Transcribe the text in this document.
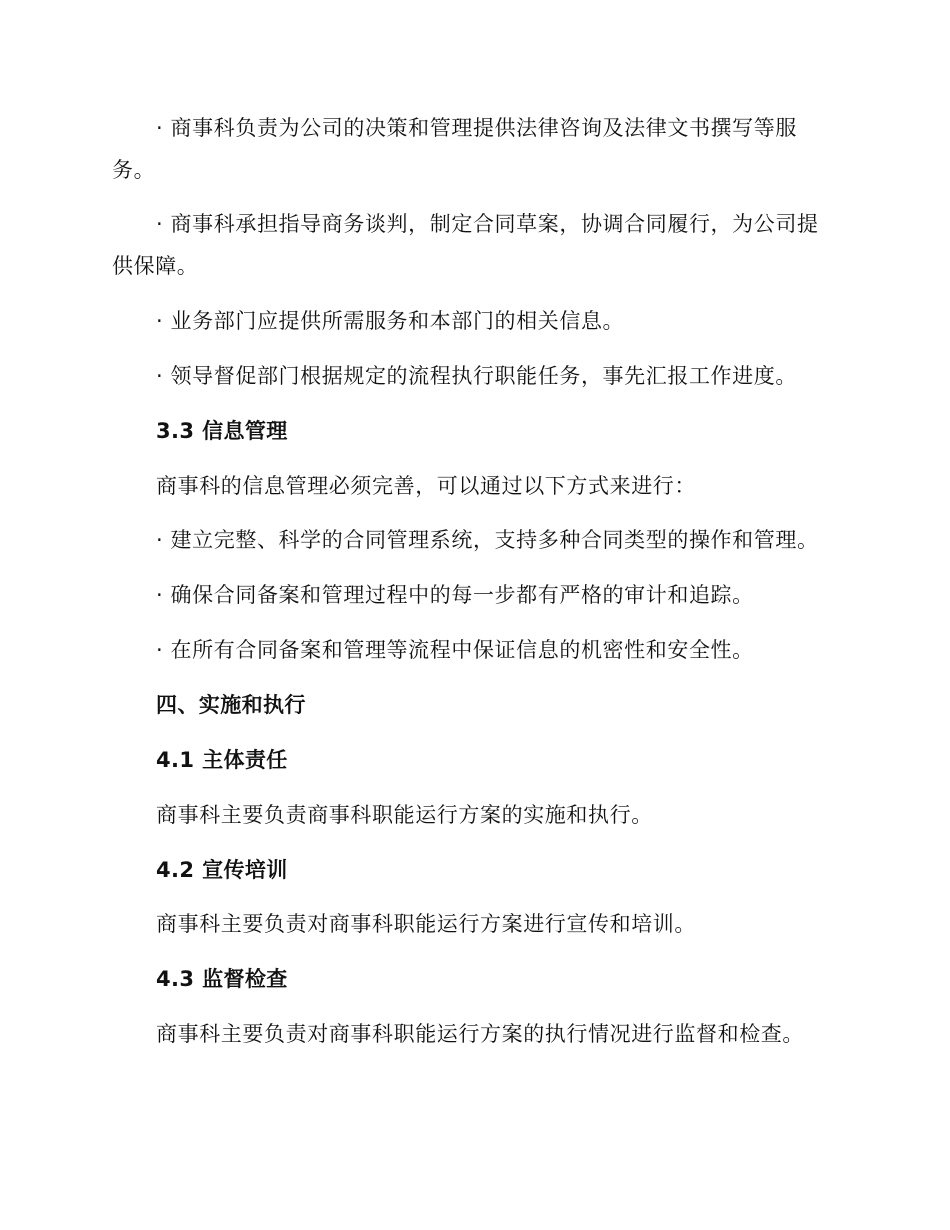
· 商事科负责为公司的决策和管理提供法律咨询及法律文书撰写等服
务。
· 商事科承担指导商务谈判，制定合同草案，协调合同履行，为公司提
供保障。
· 业务部门应提供所需服务和本部门的相关信息。
· 领导督促部门根据规定的流程执行职能任务，事先汇报工作进度。
3.3 信息管理
商事科的信息管理必须完善，可以通过以下方式来进行：
· 建立完整、科学的合同管理系统，支持多种合同类型的操作和管理。
· 确保合同备案和管理过程中的每一步都有严格的审计和追踪。
· 在所有合同备案和管理等流程中保证信息的机密性和安全性。
四、实施和执行
4.1 主体责任
商事科主要负责商事科职能运行方案的实施和执行。
4.2 宣传培训
商事科主要负责对商事科职能运行方案进行宣传和培训。
4.3 监督检查
商事科主要负责对商事科职能运行方案的执行情况进行监督和检查。
